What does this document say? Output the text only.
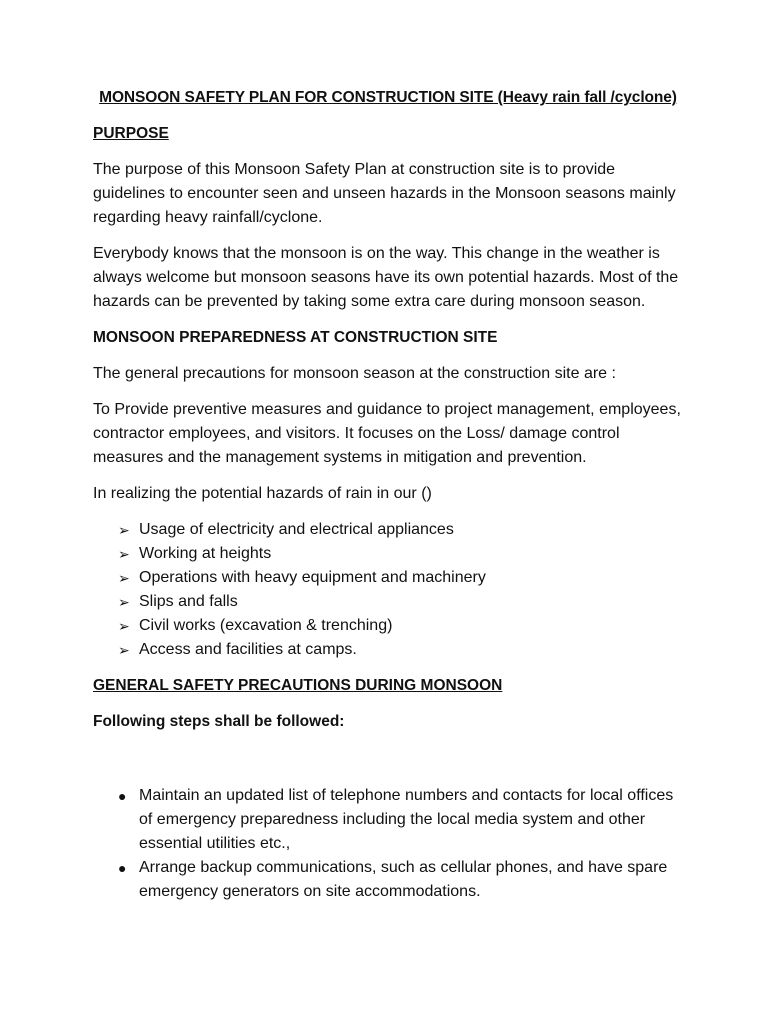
MONSOON SAFETY PLAN FOR CONSTRUCTION SITE (Heavy rain fall /cyclone)
PURPOSE

The purpose of this Monsoon Safety Plan at construction site is to provide guidelines to encounter seen and unseen hazards in the Monsoon seasons mainly regarding heavy rainfall/cyclone.

Everybody knows that the monsoon is on the way. This change in the weather is always welcome but monsoon seasons have its own potential hazards. Most of the hazards can be prevented by taking some extra care during monsoon season.

MONSOON PREPAREDNESS AT CONSTRUCTION SITE

The general precautions for monsoon season at the construction site are :

To Provide preventive measures and guidance to project management, employees, contractor employees, and visitors. It focuses on the Loss/ damage control measures and the management systems in mitigation and prevention.

In realizing the potential hazards of rain in our ()

➢ Usage of electricity and electrical appliances
➢ Working at heights
➢ Operations with heavy equipment and machinery
➢ Slips and falls
➢ Civil works (excavation & trenching)
➢ Access and facilities at camps.
GENERAL SAFETY PRECAUTIONS DURING MONSOON
Following steps shall be followed:
● Maintain an updated list of telephone numbers and contacts for local offices of emergency preparedness including the local media system and other essential utilities etc.,
● Arrange backup communications, such as cellular phones, and have spare emergency generators on site accommodations.
